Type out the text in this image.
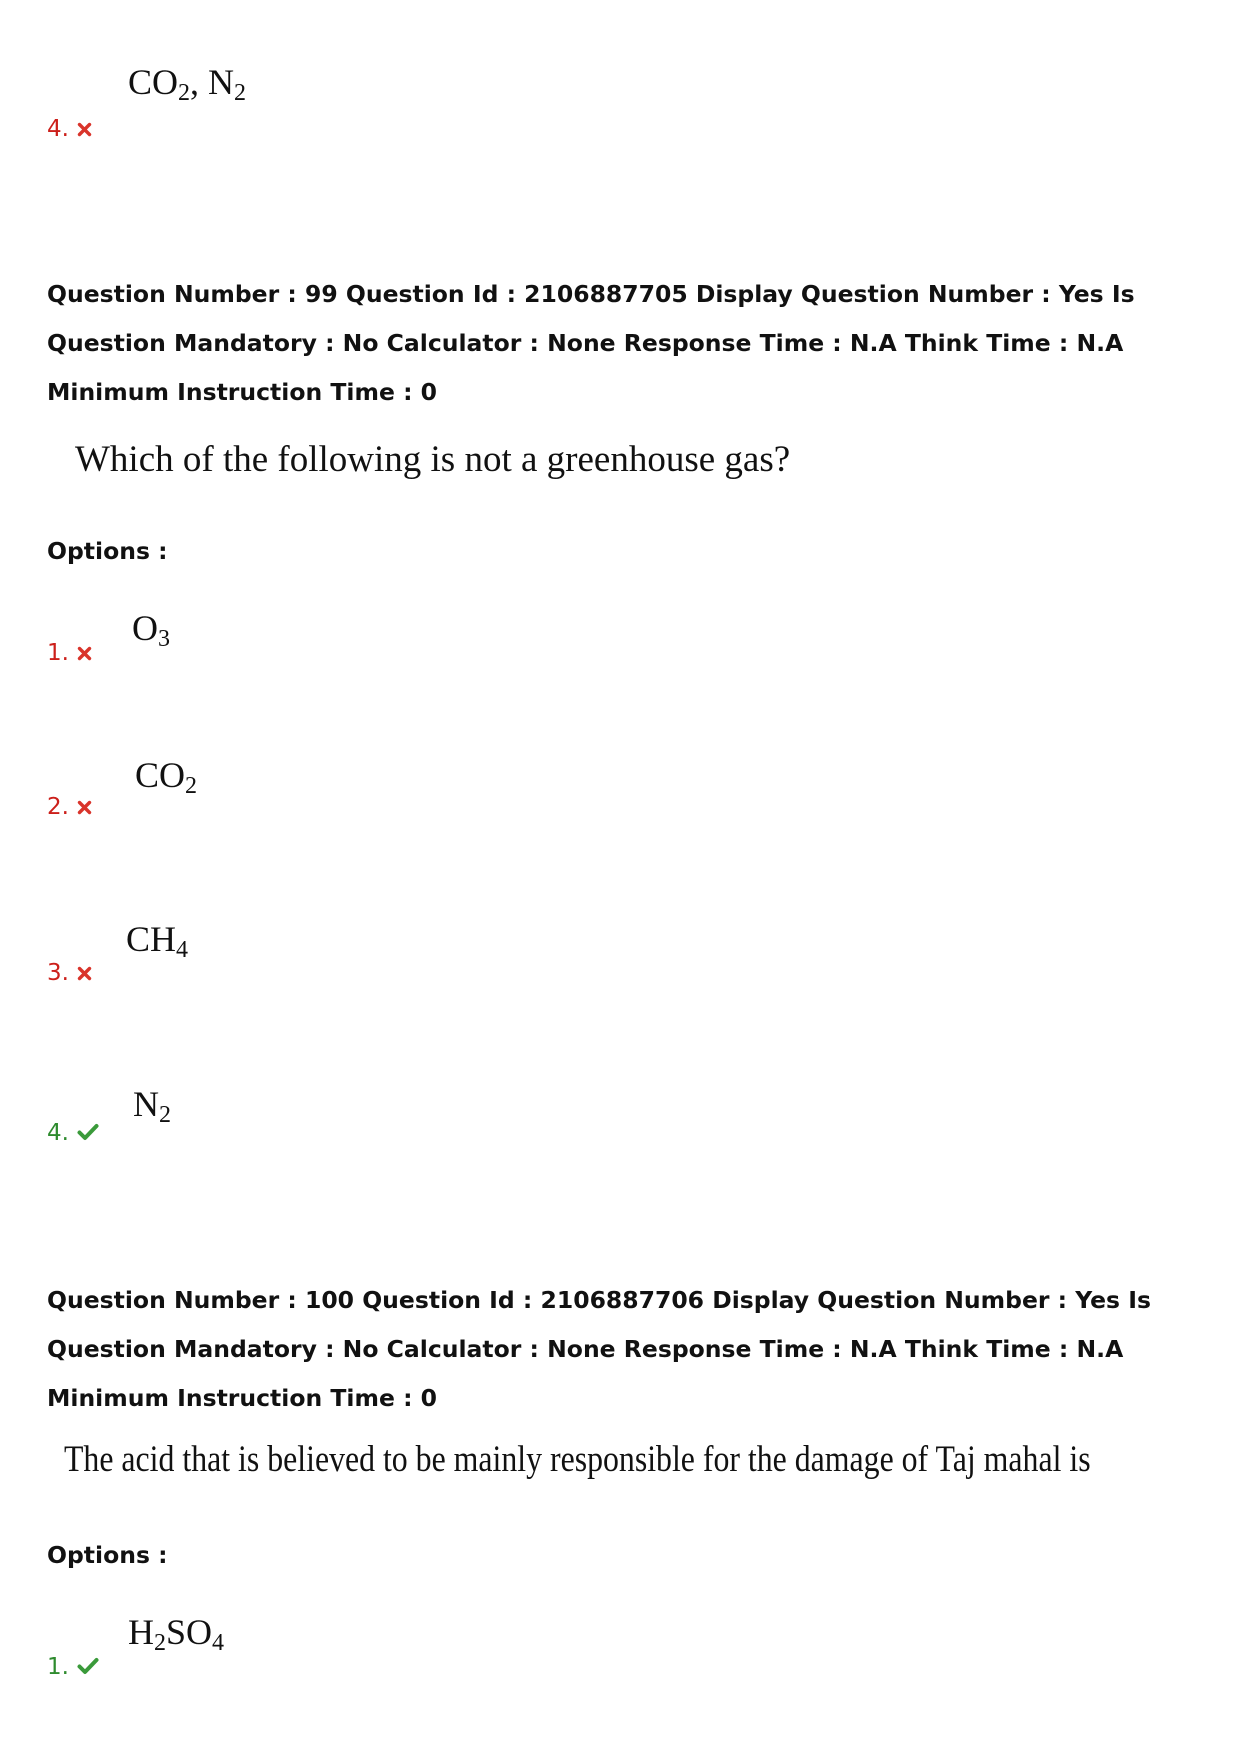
$CO_2$, $N_2$
4.

Question Number : 99 Question Id : 2106887705 Display Question Number : Yes Is Question Mandatory : No Calculator : None Response Time : N.A Think Time : N.A Minimum Instruction Time : 0

Which of the following is not a greenhouse gas?
Options :
$O_3$
1.
$CO_2$
2.
$CH_4$
3.
$N_2$
4.

Question Number : 100 Question Id : 2106887706 Display Question Number : Yes Is Question Mandatory : No Calculator : None Response Time : N.A Think Time : N.A Minimum Instruction Time : 0

The acid that is believed to be mainly responsible for the damage of Taj mahal is
Options :
$H_2SO_4$
1.
